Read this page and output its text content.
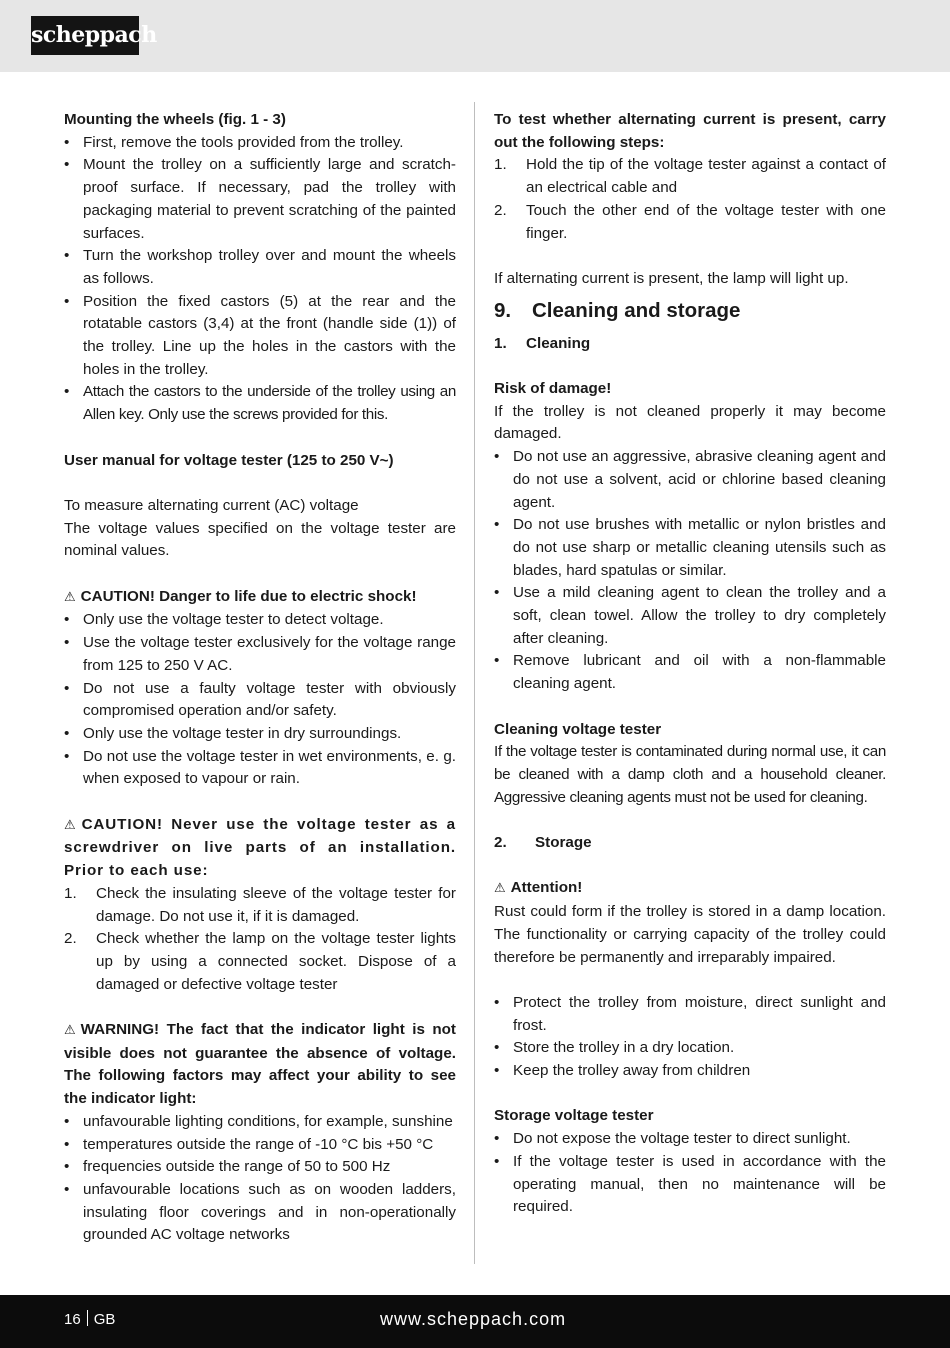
scheppach

Mounting the wheels (fig. 1 - 3)

• First, remove the tools provided from the trolley.
• Mount the trolley on a sufficiently large and scratch-proof surface. If necessary, pad the trolley with packaging material to prevent scratching of the painted surfaces.
• Turn the workshop trolley over and mount the wheels as follows.
• Position the fixed castors (5) at the rear and the rotatable castors (3,4) at the front (handle side (1)) of the trolley. Line up the holes in the castors with the holes in the trolley.
• Attach the castors to the underside of the trolley using an Allen key. Only use the screws provided for this.

User manual for voltage tester (125 to 250 V~)

To measure alternating current (AC) voltage

The voltage values specified on the voltage tester are nominal values.

⚠ CAUTION! Danger to life due to electric shock!

• Only use the voltage tester to detect voltage.
• Use the voltage tester exclusively for the voltage range from 125 to 250 V AC.
• Do not use a faulty voltage tester with obviously compromised operation and/or safety.
• Only use the voltage tester in dry surroundings.
• Do not use the voltage tester in wet environments, e. g. when exposed to vapour or rain.

⚠ CAUTION! Never use the voltage tester as a screwdriver on live parts of an installation. Prior to each use:

1. Check the insulating sleeve of the voltage tester for damage. Do not use it, if it is damaged.
2. Check whether the lamp on the voltage tester lights up by using a connected socket. Dispose of a damaged or defective voltage tester

⚠ WARNING! The fact that the indicator light is not visible does not guarantee the absence of voltage. The following factors may affect your ability to see the indicator light:

• unfavourable lighting conditions, for example, sunshine
• temperatures outside the range of -10 °C bis +50 °C
• frequencies outside the range of 50 to 500 Hz
• unfavourable locations such as on wooden ladders, insulating floor coverings and in non-operationally grounded AC voltage networks

To test whether alternating current is present, carry out the following steps:

1. Hold the tip of the voltage tester against a contact of an electrical cable and
2. Touch the other end of the voltage tester with one finger.

If alternating current is present, the lamp will light up.

9.	Cleaning and storage

1.	Cleaning

Risk of damage!

If the trolley is not cleaned properly it may become damaged.

• Do not use an aggressive, abrasive cleaning agent and do not use a solvent, acid or chlorine based cleaning agent.
• Do not use brushes with metallic or nylon bristles and do not use sharp or metallic cleaning utensils such as blades, hard spatulas or similar.
• Use a mild cleaning agent to clean the trolley and a soft, clean towel. Allow the trolley to dry completely after cleaning.
• Remove lubricant and oil with a non-flammable cleaning agent.

Cleaning voltage tester

If the voltage tester is contaminated during normal use, it can be cleaned with a damp cloth and a household cleaner. Aggressive cleaning agents must not be used for cleaning.

2.	Storage

⚠ Attention!

Rust could form if the trolley is stored in a damp location. The functionality or carrying capacity of the trolley could therefore be permanently and irreparably impaired.

• Protect the trolley from moisture, direct sunlight and frost.
• Store the trolley in a dry location.
• Keep the trolley away from children

Storage voltage tester

• Do not expose the voltage tester to direct sunlight.
• If the voltage tester is used in accordance with the operating manual, then no maintenance will be required.
16 GB	www.scheppach.com
